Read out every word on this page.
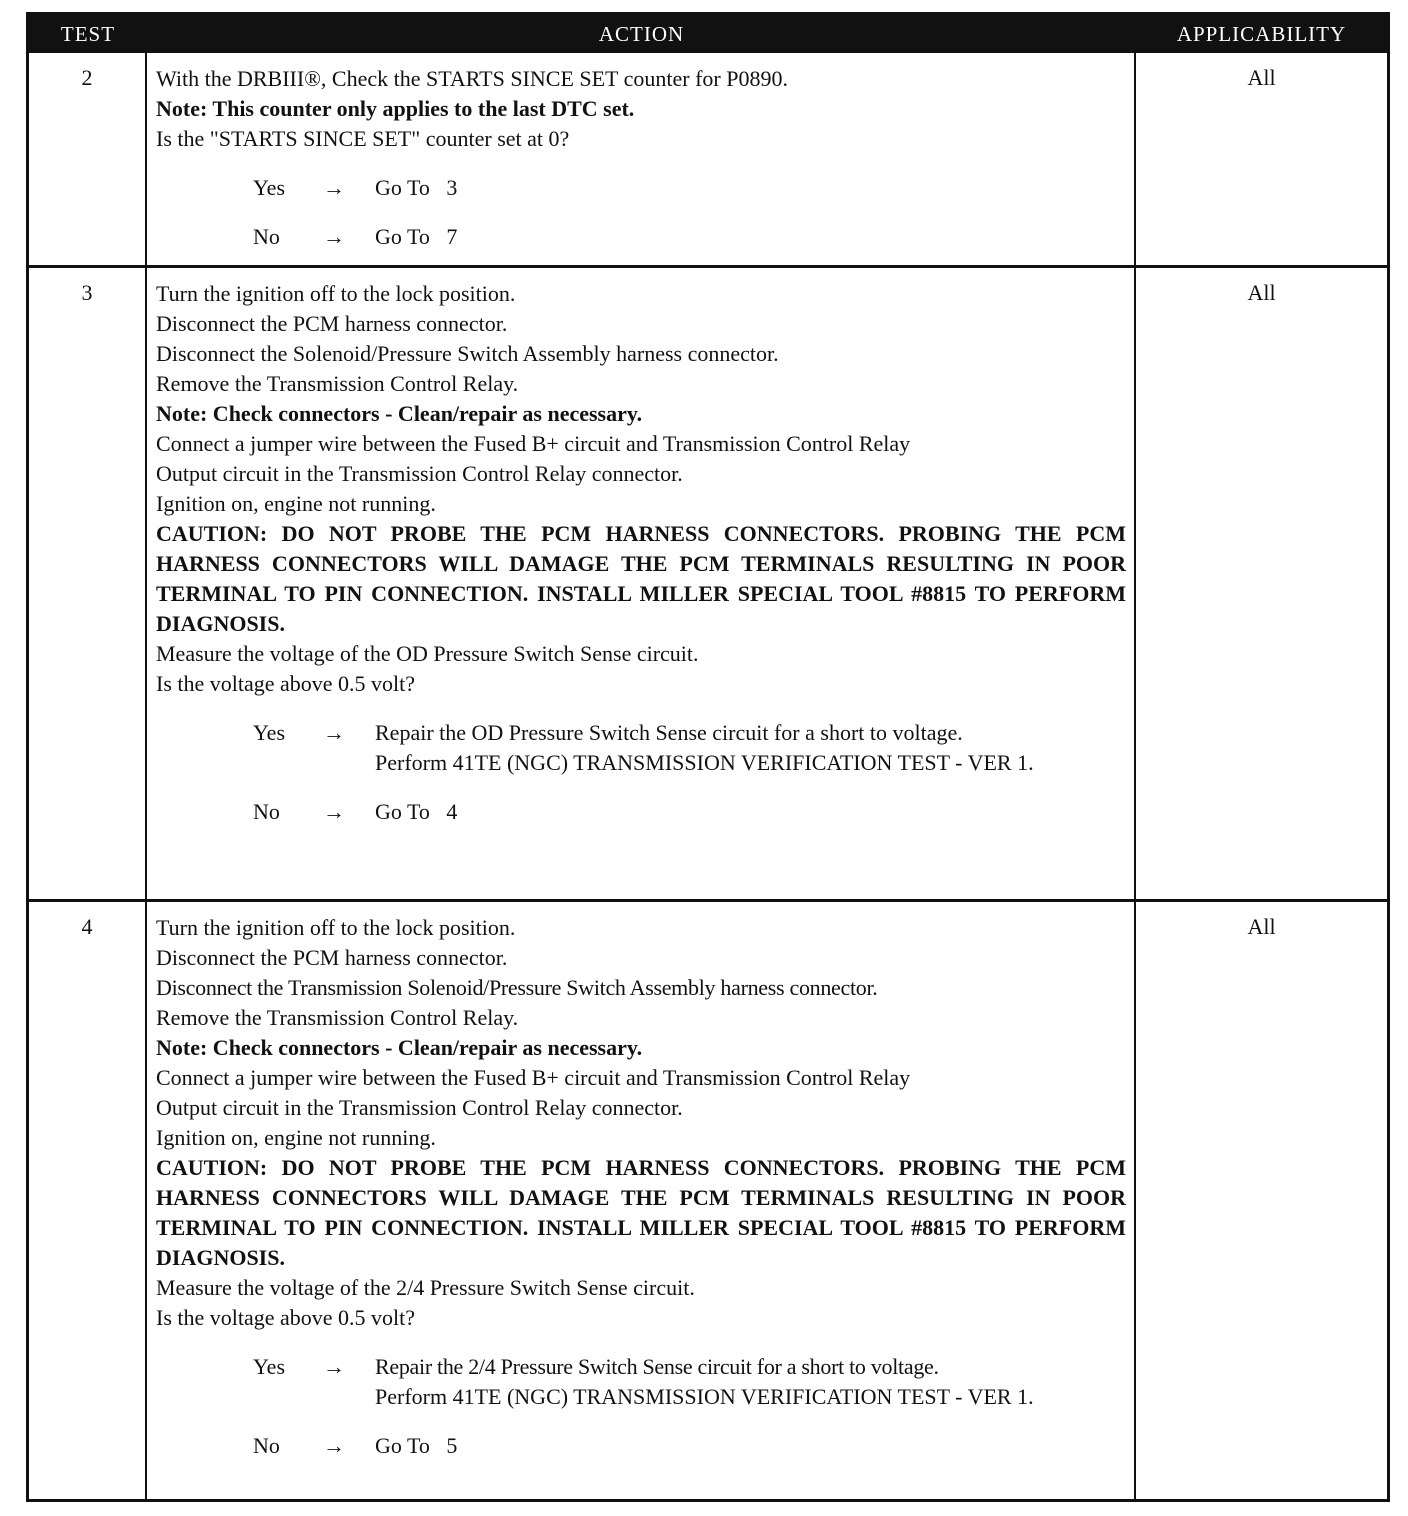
TEST	ACTION	APPLICABILITY
2	With the DRBIII®, Check the STARTS SINCE SET counter for P0890.
Note: This counter only applies to the last DTC set.
Is the "STARTS SINCE SET" counter set at 0?
Yes	→	Go To   3
No	→	Go To   7
All
3	Turn the ignition off to the lock position.
Disconnect the PCM harness connector.
Disconnect the Solenoid/Pressure Switch Assembly harness connector.
Remove the Transmission Control Relay.
Note: Check connectors - Clean/repair as necessary.
Connect a jumper wire between the Fused B+ circuit and Transmission Control Relay
Output circuit in the Transmission Control Relay connector.
Ignition on, engine not running.
CAUTION: DO NOT PROBE THE PCM HARNESS CONNECTORS. PROBING THE PCM HARNESS CONNECTORS WILL DAMAGE THE PCM TERMINALS RESULTING IN POOR TERMINAL TO PIN CONNECTION. INSTALL MILLER SPECIAL TOOL #8815 TO PERFORM DIAGNOSIS.
Measure the voltage of the OD Pressure Switch Sense circuit.
Is the voltage above 0.5 volt?
Yes	→	Repair the OD Pressure Switch Sense circuit for a short to voltage.
Perform 41TE (NGC) TRANSMISSION VERIFICATION TEST - VER 1.
No	→	Go To   4
All
4	Turn the ignition off to the lock position.
Disconnect the PCM harness connector.
Disconnect the Transmission Solenoid/Pressure Switch Assembly harness connector.
Remove the Transmission Control Relay.
Note: Check connectors - Clean/repair as necessary.
Connect a jumper wire between the Fused B+ circuit and Transmission Control Relay
Output circuit in the Transmission Control Relay connector.
Ignition on, engine not running.
CAUTION: DO NOT PROBE THE PCM HARNESS CONNECTORS. PROBING THE PCM HARNESS CONNECTORS WILL DAMAGE THE PCM TERMINALS RESULTING IN POOR TERMINAL TO PIN CONNECTION. INSTALL MILLER SPECIAL TOOL #8815 TO PERFORM DIAGNOSIS.
Measure the voltage of the 2/4 Pressure Switch Sense circuit.
Is the voltage above 0.5 volt?
Yes	→	Repair the 2/4 Pressure Switch Sense circuit for a short to voltage.
Perform 41TE (NGC) TRANSMISSION VERIFICATION TEST - VER 1.
No	→	Go To   5
All
